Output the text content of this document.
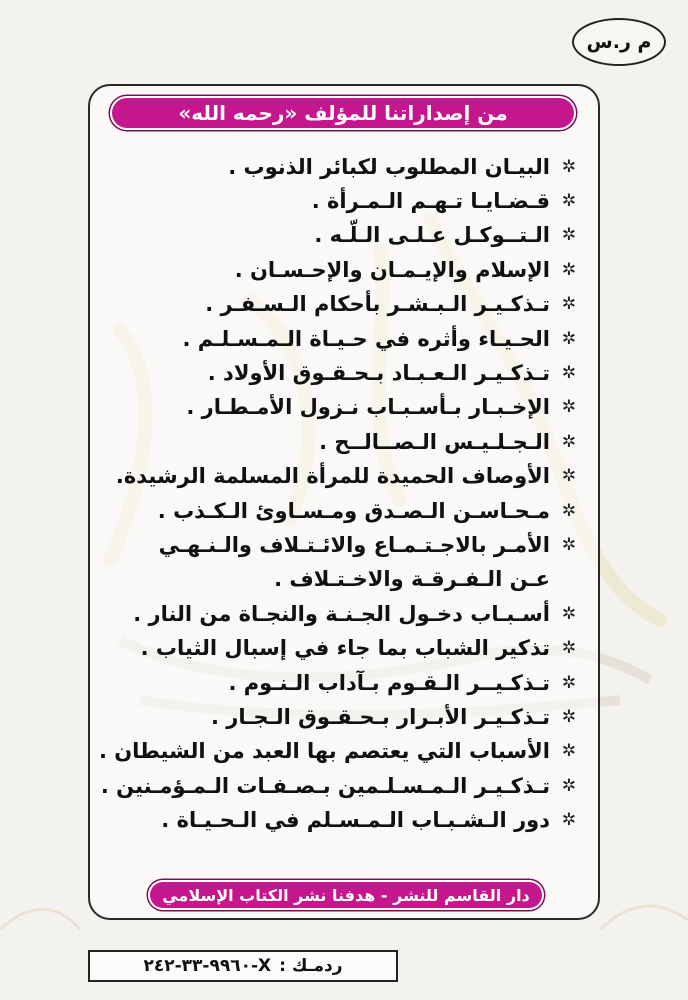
م ر.س
من إصداراتنا للمؤلف «رحمه الله»
✲
البيـان المطلوب لكبائر الذنوب .
✲
قـضـايـا تـهـم الـمـرأة .
✲
الـتــوكـل عـلـى الـلّـه .
✲
الإسلام والإيـمـان والإحـسـان .
✲
تـذكـيـر الـبـشـر بأحكام الـسـفـر .
✲
الحـيـاء وأثره في حـيـاة الـمـسـلـم .
✲
تـذكـيـر الـعـبـاد بـحـقـوق الأولاد .
✲
الإخـبـار بـأسـبـاب نـزول الأمـطـار .
✲
الـجـلـيـس الـصــالــح .
✲
الأوصاف الحميدة للمرأة المسلمة الرشيدة.
✲
مـحـاسـن الـصـدق ومـسـاوئ الـكـذب .
✲
الأمـر بالاجـتـمـاع والائـتـلاف والـنـهـي
عـن الـفـرقـة والاخـتـلاف .
✲
أسـبـاب دخـول الجـنـة والنجـاة من النار .
✲
تذكير الشباب بما جاء في إسبال الثياب .
✲
تـذكـيــر الـقـوم بـآداب الـنـوم .
✲
تـذكـيـر الأبـرار بـحـقـوق الـجـار .
✲
الأسباب التي يعتصم بها العبد من الشيطان .
✲
تـذكـيـر الـمـسـلـمين بـصـفـات الـمـؤمـنين .
✲
دور الـشـبـاب الـمـسـلم في الـحـيـاة .
دار القاسم للنشر - هدفنا نشر الكتاب الإسلامي
ردمـك :
٩٩٦٠-٣٣-٢٤٢-X
